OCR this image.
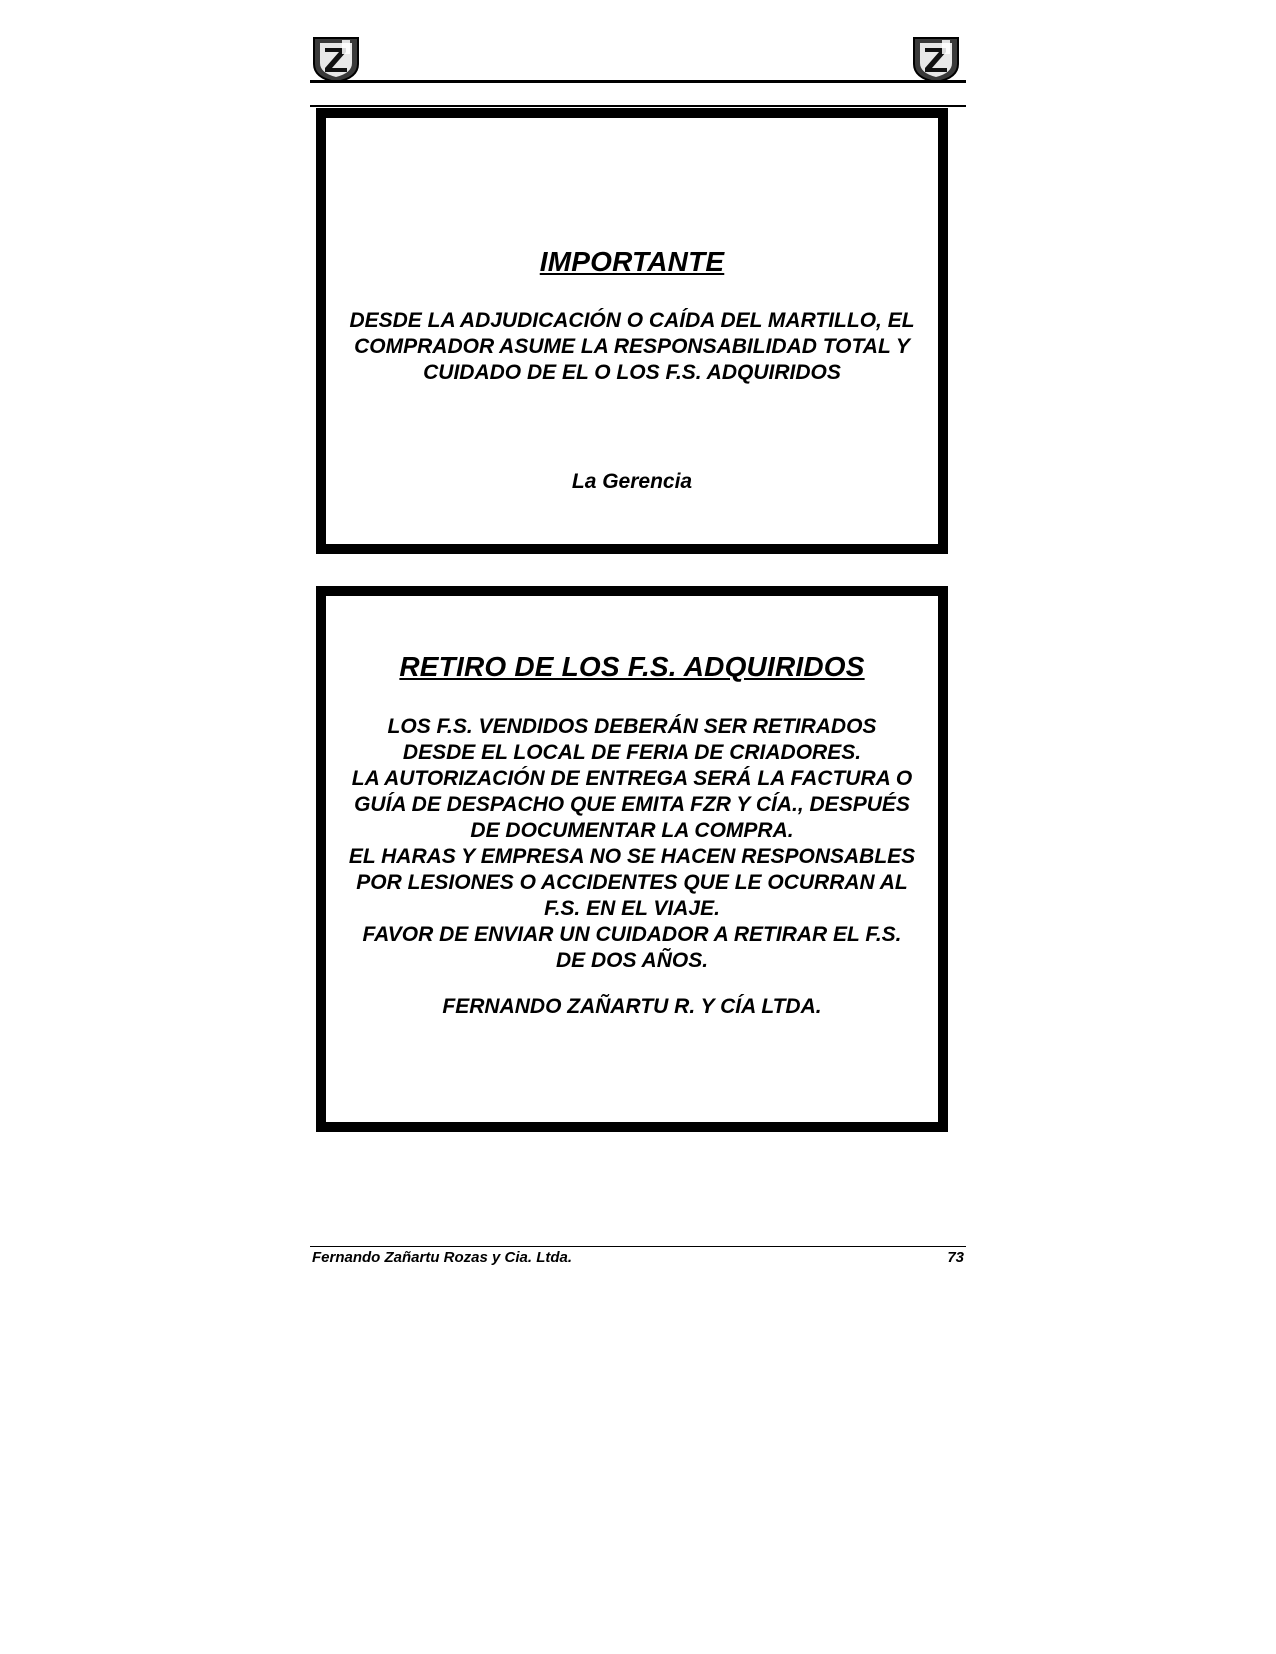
IMPORTANTE
DESDE LA ADJUDICACIÓN O CAÍDA DEL MARTILLO, EL
COMPRADOR ASUME LA RESPONSABILIDAD TOTAL Y
CUIDADO DE EL O LOS F.S. ADQUIRIDOS
La Gerencia
RETIRO DE LOS F.S. ADQUIRIDOS
LOS F.S. VENDIDOS DEBERÁN SER RETIRADOS
DESDE EL LOCAL DE FERIA DE CRIADORES.
LA AUTORIZACIÓN DE ENTREGA SERÁ LA FACTURA O
GUÍA DE DESPACHO QUE EMITA FZR Y CÍA., DESPUÉS
DE DOCUMENTAR LA COMPRA.
EL HARAS Y EMPRESA NO SE HACEN RESPONSABLES
POR LESIONES O ACCIDENTES QUE LE OCURRAN AL
F.S. EN EL VIAJE.
FAVOR DE ENVIAR UN CUIDADOR A RETIRAR EL F.S.
DE DOS AÑOS.
FERNANDO ZAÑARTU R. Y CÍA LTDA.
Fernando Zañartu Rozas y Cia. Ltda.	73
